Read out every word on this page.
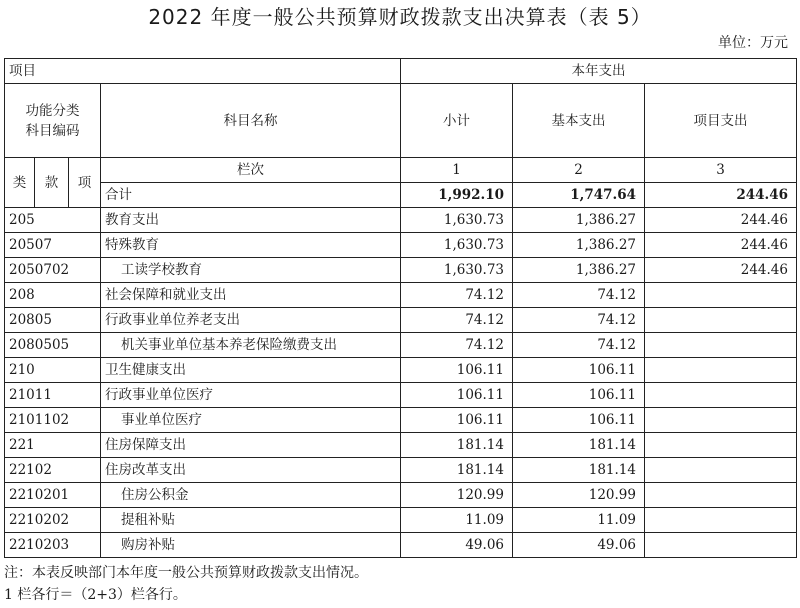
2022 年度一般公共预算财政拨款支出决算表（表 5）
单位：万元
项目				本年支出		
功能分类
科目编码			科目名称	小计	基本支出	项目支出
类	款	项	栏次	1	2	3
			合计	1,992.10	1,747.64	244.46
205			教育支出	1,630.73	1,386.27	244.46
20507			特殊教育	1,630.73	1,386.27	244.46
2050702			工读学校教育	1,630.73	1,386.27	244.46
208			社会保障和就业支出	74.12	74.12	
20805			行政事业单位养老支出	74.12	74.12	
2080505			机关事业单位基本养老保险缴费支出	74.12	74.12	
210			卫生健康支出	106.11	106.11	
21011			行政事业单位医疗	106.11	106.11	
2101102			事业单位医疗	106.11	106.11	
221			住房保障支出	181.14	181.14	
22102			住房改革支出	181.14	181.14	
2210201			住房公积金	120.99	120.99	
2210202			提租补贴	11.09	11.09	
2210203			购房补贴	49.06	49.06	
注：本表反映部门本年度一般公共预算财政拨款支出情况。
1 栏各行＝（2+3）栏各行。
